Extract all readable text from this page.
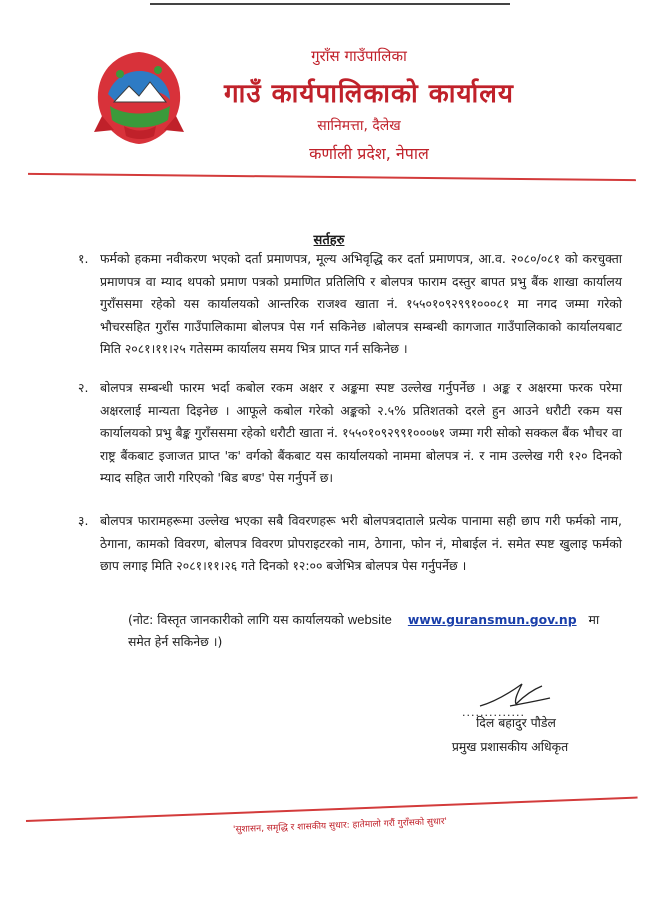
गुराँस गाउँपालिका
गाउँ कार्यपालिकाको कार्यालय
सानिमत्ता, दैलेख
कर्णाली प्रदेश, नेपाल
सर्तहरु
१. फर्मको हकमा नवीकरण भएको दर्ता प्रमाणपत्र, मूल्य अभिवृद्धि कर दर्ता प्रमाणपत्र, आ.व. २०८०/०८१ को करचुक्ता प्रमाणपत्र वा म्याद थपको प्रमाण पत्रको प्रमाणित प्रतिलिपि र बोलपत्र फाराम दस्तुर बापत प्रभु बैंक शाखा कार्यालय गुराँससमा रहेको यस कार्यालयको आन्तरिक राजश्व खाता नं. १५५०१०९२९९१०००८१ मा नगद जम्मा गरेको भौचरसहित गुराँस गाउँपालिकामा बोलपत्र पेस गर्न सकिनेछ ।बोलपत्र सम्बन्धी कागजात गाउँपालिकाको कार्यालयबाट मिति २०८१।११।२५ गतेसम्म कार्यालय समय भित्र प्राप्त गर्न सकिनेछ ।
२. बोलपत्र सम्बन्धी फारम भर्दा कबोल रकम अक्षर र अङ्कमा स्पष्ट उल्लेख गर्नुपर्नेछ । अङ्क र अक्षरमा फरक परेमा अक्षरलाई मान्यता दिइनेछ । आफूले कबोल गरेको अङ्कको २.५% प्रतिशतको दरले हुन आउने धरौटी रकम यस कार्यालयको प्रभु बैङ्क गुराँससमा रहेको धरौटी खाता नं. १५५०१०९२९९१०००७१ जम्मा गरी सोको सक्कल बैंक भौचर वा राष्ट्र बैंकबाट इजाजत प्राप्त 'क' वर्गको बैंकबाट यस कार्यालयको नाममा बोलपत्र नं. र नाम उल्लेख गरी १२० दिनको म्याद सहित जारी गरिएको 'बिड बण्ड' पेस गर्नुपर्ने छ।
३. बोलपत्र फारामहरूमा उल्लेख भएका सबै विवरणहरू भरी बोलपत्रदाताले प्रत्येक पानामा सही छाप गरी फर्मको नाम, ठेगाना, कामको विवरण, बोलपत्र विवरण प्रोपराइटरको नाम, ठेगाना, फोन नं, मोबाईल नं. समेत स्पष्ट खुलाइ फर्मको छाप लगाइ मिति २०८१।११।२६ गते दिनको १२:०० बजेभित्र बोलपत्र पेस गर्नुपर्नेछ ।
(नोट: विस्तृत जानकारीको लागि यस कार्यालयको website www.guransmun.gov.np मा समेत हेर्न सकिनेछ ।)
..............
दिल बहादुर पौडेल
प्रमुख प्रशासकीय अधिकृत
'सुशासन, समृद्धि र शासकीय सुधार: हातेमालो गरौं गुराँसको सुधार'
